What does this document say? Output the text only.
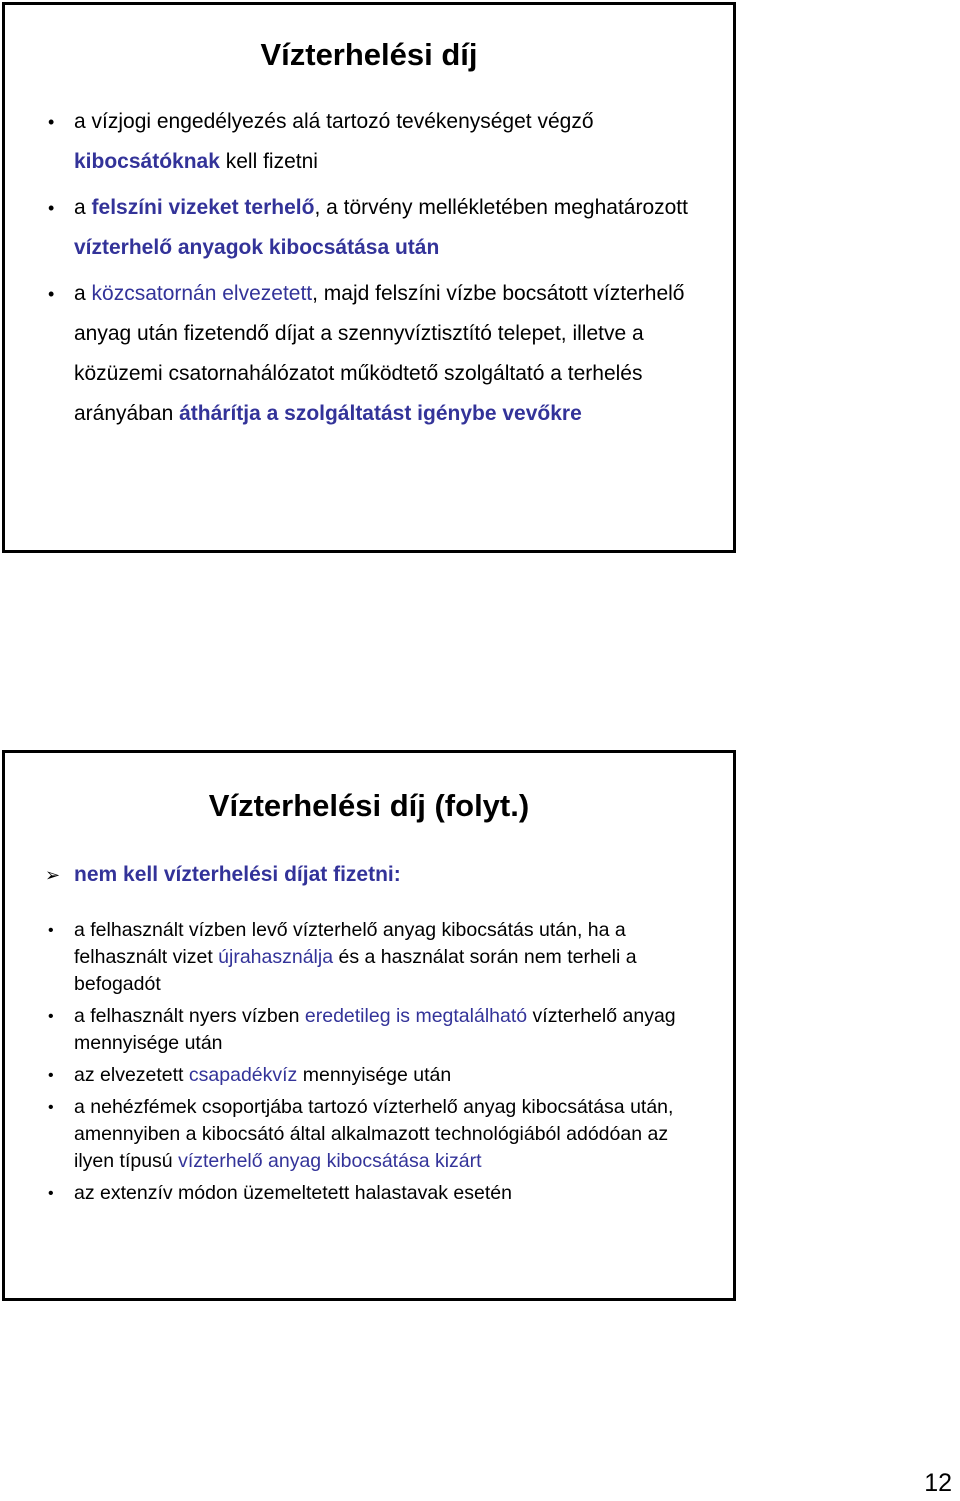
Vízterhelési díj
• a vízjogi engedélyezés alá tartozó tevékenységet végző kibocsátóknak kell fizetni
• a felszíni vizeket terhelő, a törvény mellékletében meghatározott vízterhelő anyagok kibocsátása után
• a közcsatornán elvezetett, majd felszíni vízbe bocsátott vízterhelő anyag után fizetendő díjat a szennyvíztisztító telepet, illetve a közüzemi csatornahálózatot működtető szolgáltató a terhelés arányában áthárítja a szolgáltatást igénybe vevőkre
Vízterhelési díj (folyt.)
➢ nem kell vízterhelési díjat fizetni:
• a felhasznált vízben levő vízterhelő anyag kibocsátás után, ha a felhasznált vizet újrahasználja és a használat során nem terheli a befogadót
• a felhasznált nyers vízben eredetileg is megtalálható vízterhelő anyag mennyisége után
• az elvezetett csapadékvíz mennyisége után
• a nehézfémek csoportjába tartozó vízterhelő anyag kibocsátása után, amennyiben a kibocsátó által alkalmazott technológiából adódóan az ilyen típusú vízterhelő anyag kibocsátása kizárt
• az extenzív módon üzemeltetett halastavak esetén
12
